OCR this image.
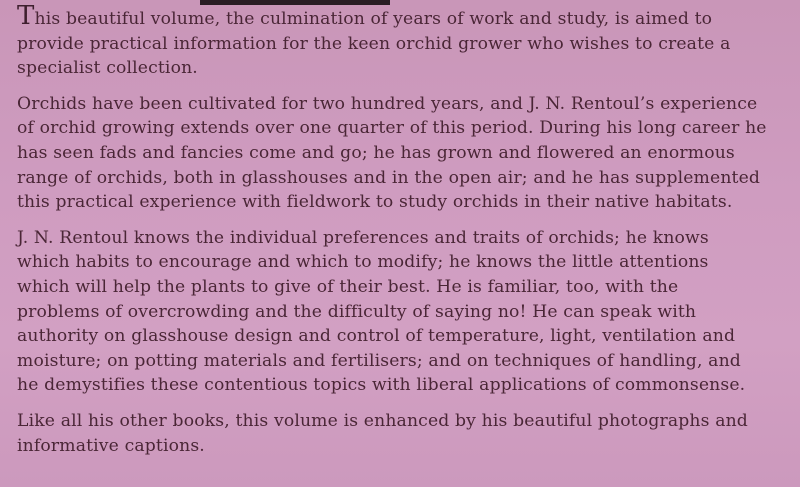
This beautiful volume, the culmination of years of work and study, is aimed to
provide practical information for the keen orchid grower who wishes to create a
specialist collection.

Orchids have been cultivated for two hundred years, and J. N. Rentoul’s experience
of orchid growing extends over one quarter of this period. During his long career he
has seen fads and fancies come and go; he has grown and flowered an enormous
range of orchids, both in glasshouses and in the open air; and he has supplemented
this practical experience with fieldwork to study orchids in their native habitats.

J. N. Rentoul knows the individual preferences and traits of orchids; he knows
which habits to encourage and which to modify; he knows the little attentions
which will help the plants to give of their best. He is familiar, too, with the
problems of overcrowding and the difficulty of saying no! He can speak with
authority on glasshouse design and control of temperature, light, ventilation and
moisture; on potting materials and fertilisers; and on techniques of handling, and
he demystifies these contentious topics with liberal applications of commonsense.

Like all his other books, this volume is enhanced by his beautiful photographs and
informative captions.
